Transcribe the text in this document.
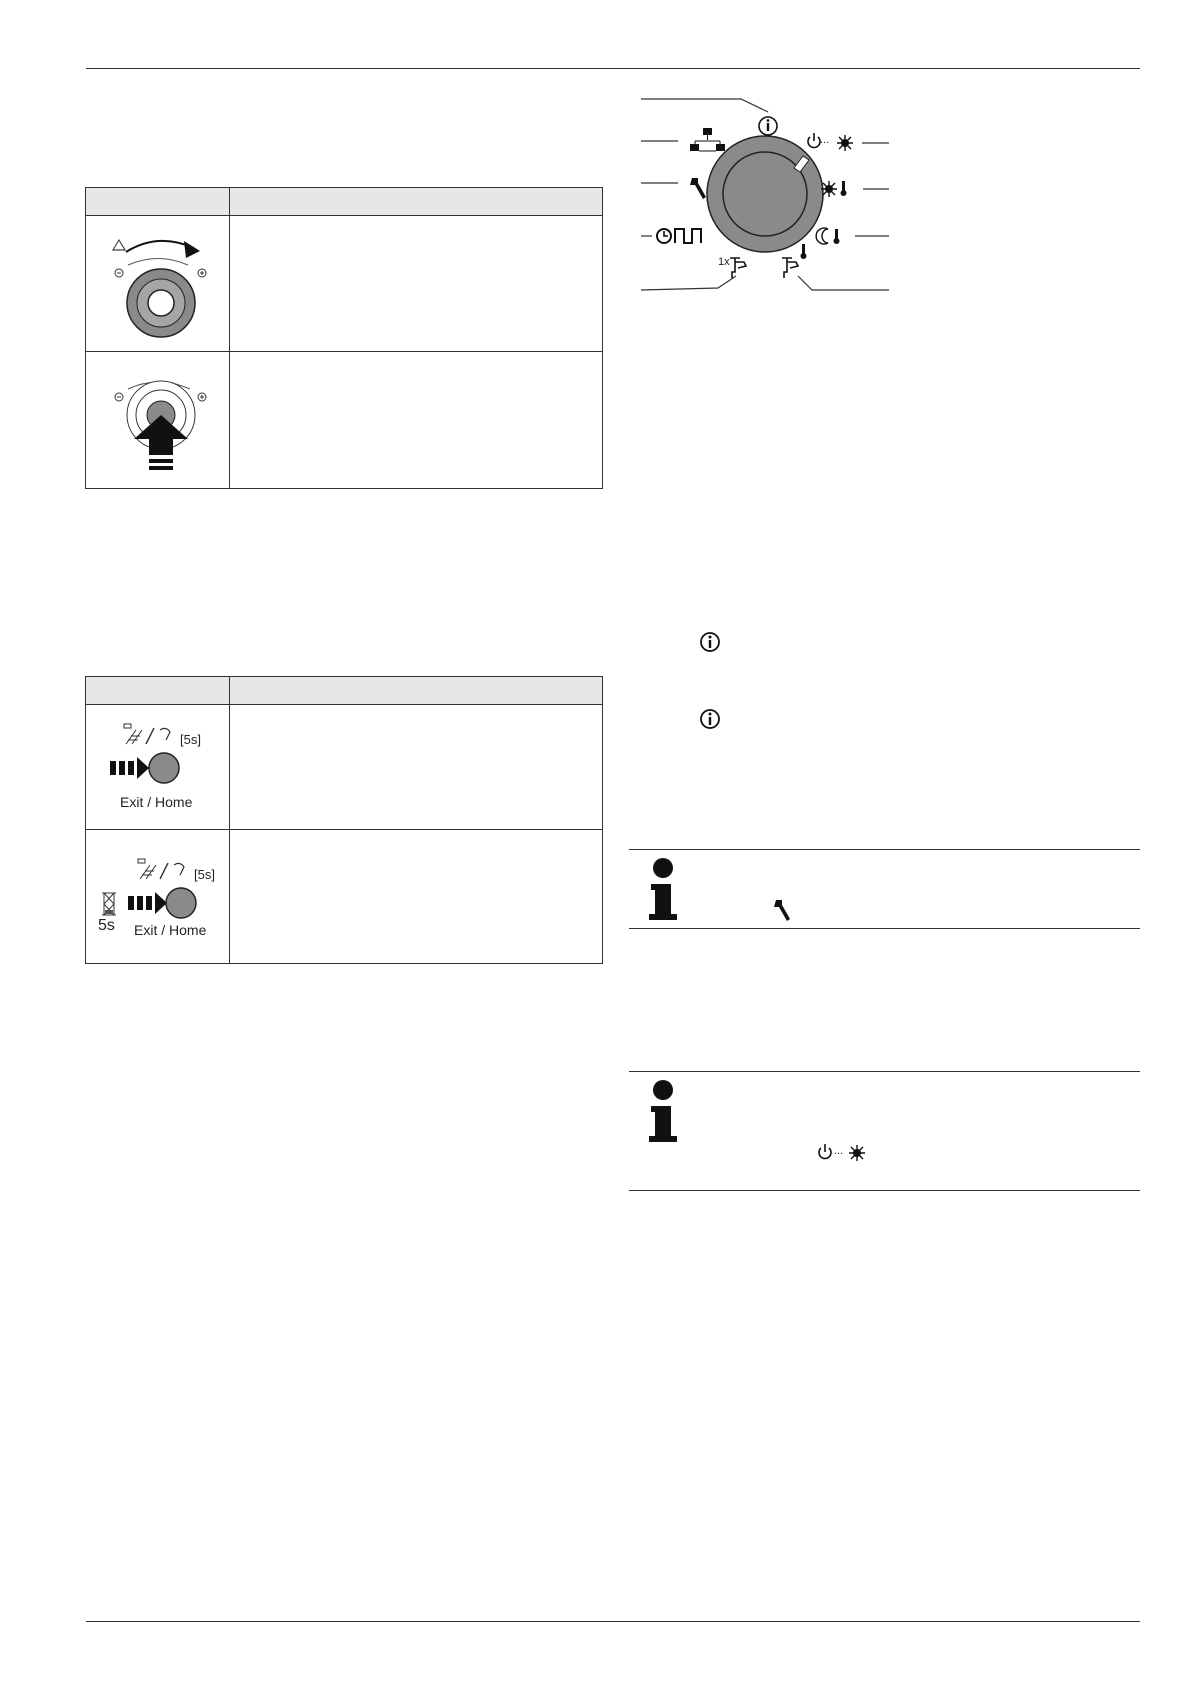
[5s]
Exit / Home
[5s]
5s Exit / Home
1x
...
...
